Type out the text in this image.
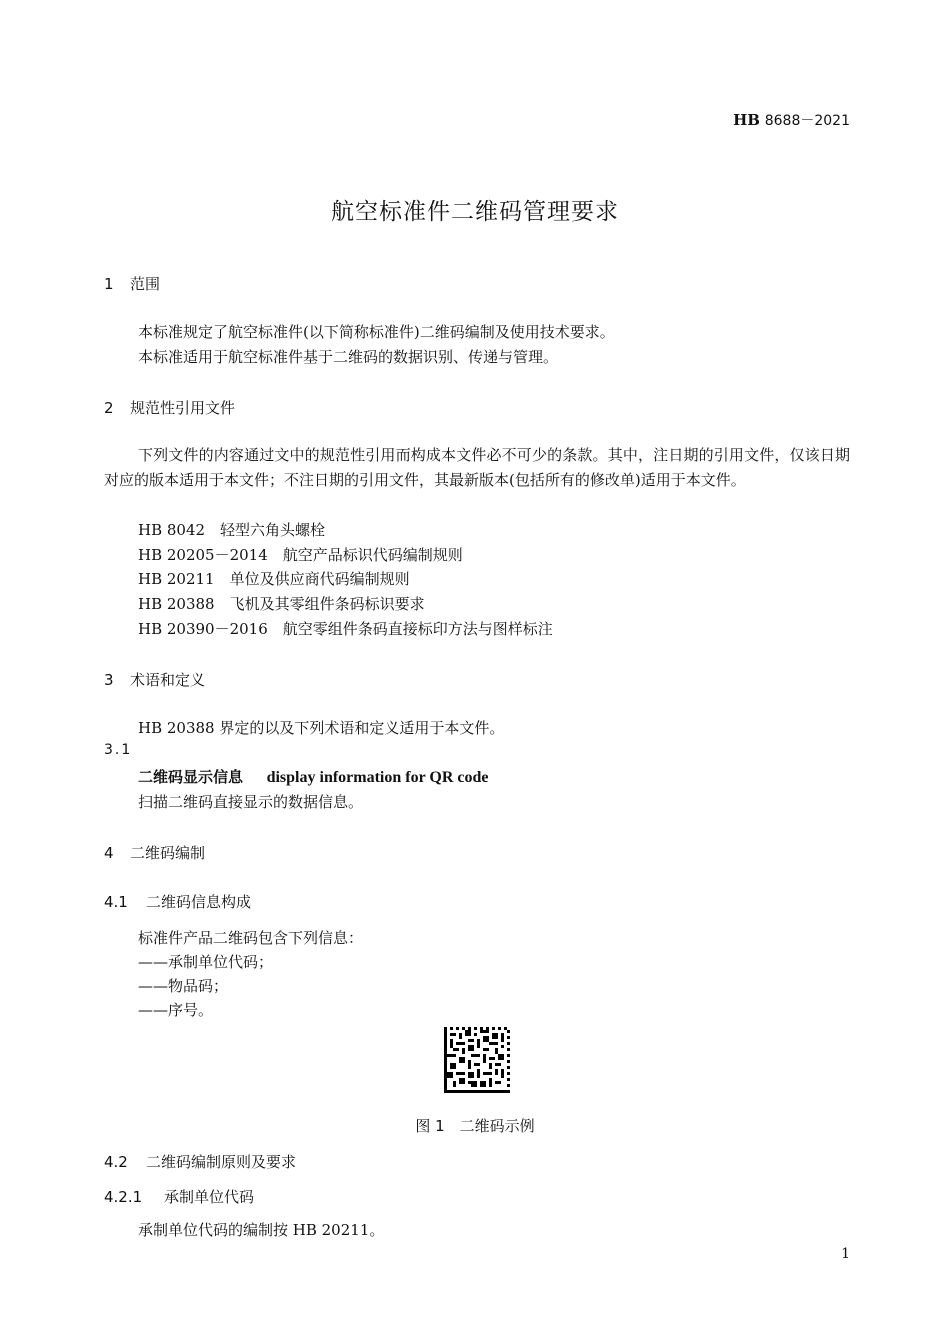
HB 8688－2021
航空标准件二维码管理要求
1 范围
本标准规定了航空标准件(以下简称标准件)二维码编制及使用技术要求。
本标准适用于航空标准件基于二维码的数据识别、传递与管理。
2 规范性引用文件
下列文件的内容通过文中的规范性引用而构成本文件必不可少的条款。其中，注日期的引用文件，仅该日期对应的版本适用于本文件；不注日期的引用文件，其最新版本(包括所有的修改单)适用于本文件。
HB 8042　轻型六角头螺栓
HB 20205－2014　航空产品标识代码编制规则
HB 20211　单位及供应商代码编制规则
HB 20388　飞机及其零组件条码标识要求
HB 20390－2016　航空零组件条码直接标印方法与图样标注
3 术语和定义
HB 20388 界定的以及下列术语和定义适用于本文件。
3.1
二维码显示信息 display information for QR code
扫描二维码直接显示的数据信息。
4 二维码编制
4.1 二维码信息构成
标准件产品二维码包含下列信息：
——承制单位代码；
——物品码；
——序号。
图 1　二维码示例
4.2 二维码编制原则及要求
4.2.1 承制单位代码
承制单位代码的编制按 HB 20211。
1
